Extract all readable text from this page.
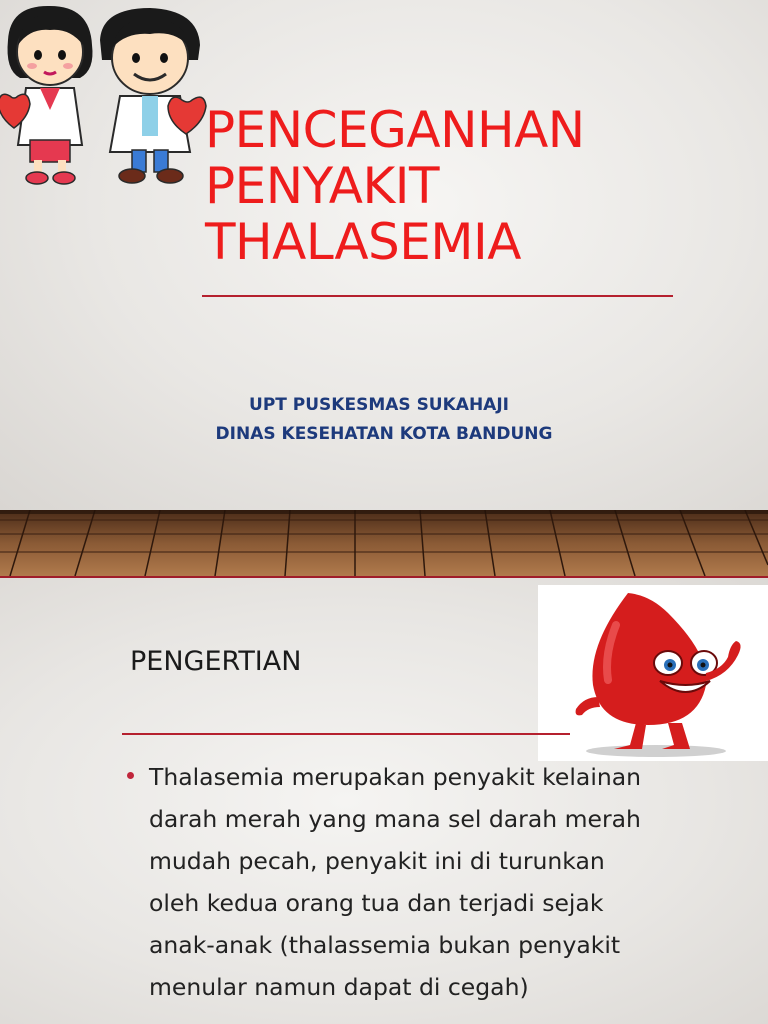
PENCEGANHAN
PENYAKIT
THALASEMIA
UPT PUSKESMAS SUKAHAJI
DINAS KESEHATAN KOTA BANDUNG
PENGERTIAN
Thalasemia merupakan penyakit kelainan darah merah yang mana sel darah merah mudah pecah, penyakit ini di turunkan oleh kedua orang tua dan terjadi sejak anak-anak (thalassemia bukan penyakit menular namun dapat di cegah)
